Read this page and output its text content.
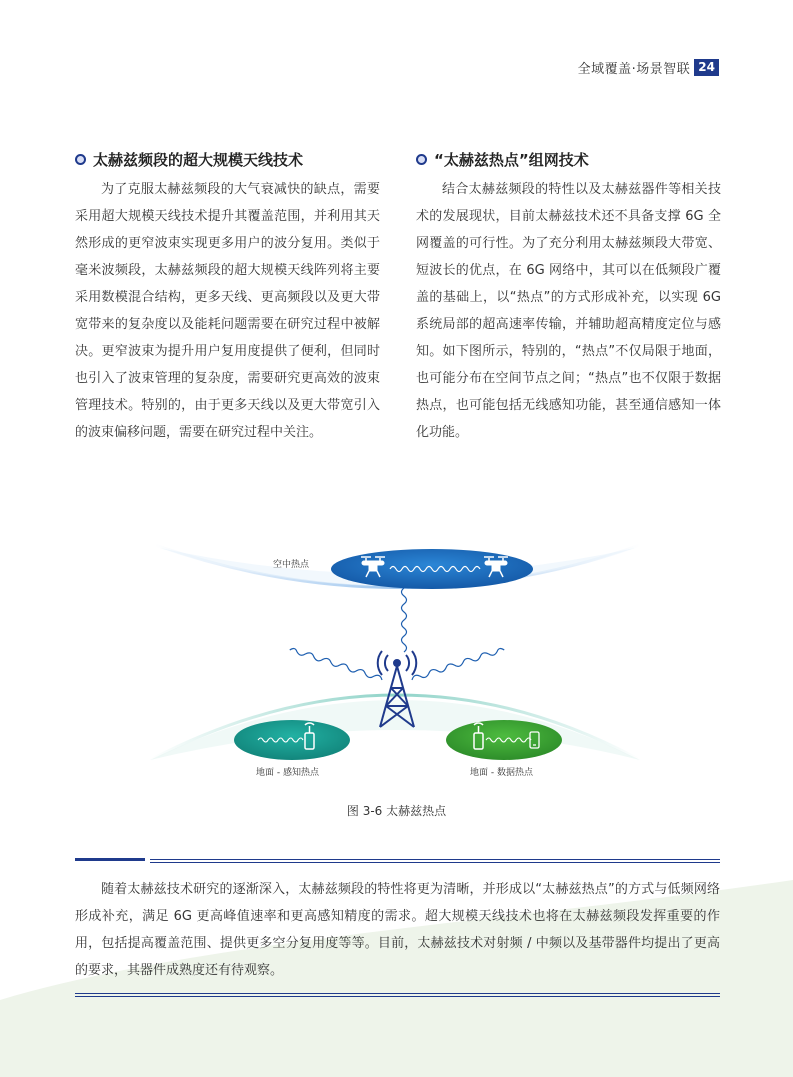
全域覆盖·场景智联 24
太赫兹频段的超大规模天线技术

为了克服太赫兹频段的大气衰减快的缺点，需要采用超大规模天线技术提升其覆盖范围，并利用其天然形成的更窄波束实现更多用户的波分复用。类似于毫米波频段，太赫兹频段的超大规模天线阵列将主要采用数模混合结构，更多天线、更高频段以及更大带宽带来的复杂度以及能耗问题需要在研究过程中被解决。更窄波束为提升用户复用度提供了便利，但同时也引入了波束管理的复杂度，需要研究更高效的波束管理技术。特别的，由于更多天线以及更大带宽引入的波束偏移问题，需要在研究过程中关注。

“太赫兹热点”组网技术

结合太赫兹频段的特性以及太赫兹器件等相关技术的发展现状，目前太赫兹技术还不具备支撑 6G 全网覆盖的可行性。为了充分利用太赫兹频段大带宽、短波长的优点，在 6G 网络中，其可以在低频段广覆盖的基础上，以“热点”的方式形成补充，以实现 6G 系统局部的超高速率传输，并辅助超高精度定位与感知。如下图所示，特别的，“热点”不仅局限于地面，也可能分布在空间节点之间；“热点”也不仅限于数据热点，也可能包括无线感知功能，甚至通信感知一体化功能。

空中热点
地面 - 感知热点	地面 - 数据热点
图 3-6 太赫兹热点

随着太赫兹技术研究的逐渐深入，太赫兹频段的特性将更为清晰，并形成以“太赫兹热点”的方式与低频网络形成补充，满足 6G 更高峰值速率和更高感知精度的需求。超大规模天线技术也将在太赫兹频段发挥重要的作用，包括提高覆盖范围、提供更多空分复用度等等。目前，太赫兹技术对射频 / 中频以及基带器件均提出了更高的要求，其器件成熟度还有待观察。
